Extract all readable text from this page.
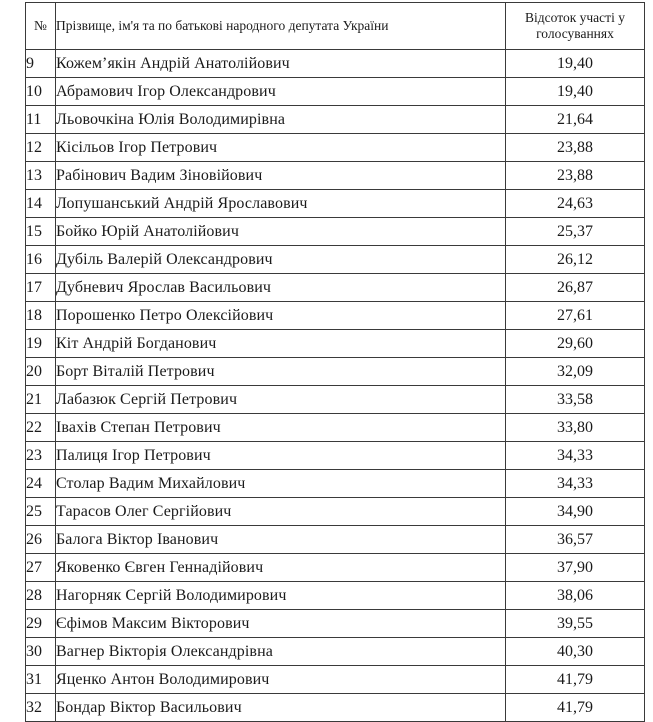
№	Прізвище, ім'я та по батькові народного депутата України	Відсоток участі у
голосуваннях
9	Кожем’якін Андрій Анатолійович	19,40
10	Абрамович Ігор Олександрович	19,40
11	Льовочкіна Юлія Володимирівна	21,64
12	Кісільов Ігор Петрович	23,88
13	Рабінович Вадим Зіновійович	23,88
14	Лопушанський Андрій Ярославович	24,63
15	Бойко Юрій Анатолійович	25,37
16	Дубіль Валерій Олександрович	26,12
17	Дубневич Ярослав Васильович	26,87
18	Порошенко Петро Олексійович	27,61
19	Кіт Андрій Богданович	29,60
20	Борт Віталій Петрович	32,09
21	Лабазюк Сергій Петрович	33,58
22	Івахів Степан Петрович	33,80
23	Палиця Ігор Петрович	34,33
24	Столар Вадим Михайлович	34,33
25	Тарасов Олег Сергійович	34,90
26	Балога Віктор Іванович	36,57
27	Яковенко Євген Геннадійович	37,90
28	Нагорняк Сергій Володимирович	38,06
29	Єфімов Максим Вікторович	39,55
30	Вагнер Вікторія Олександрівна	40,30
31	Яценко Антон Володимирович	41,79
32	Бондар Віктор Васильович	41,79
